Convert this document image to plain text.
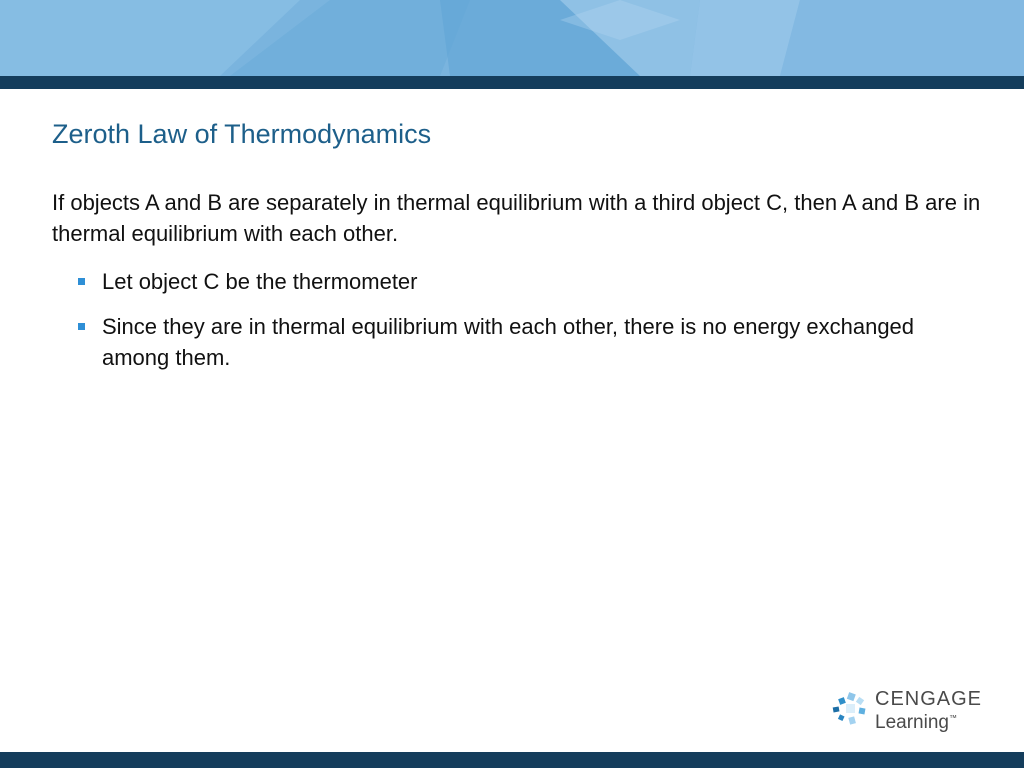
Zeroth Law of Thermodynamics

If objects A and B are separately in thermal equilibrium with a third object C, then A and B are in thermal equilibrium with each other.

Let object C be the thermometer
Since they are in thermal equilibrium with each other, there is no energy exchanged among them.
CENGAGE
Learning™
